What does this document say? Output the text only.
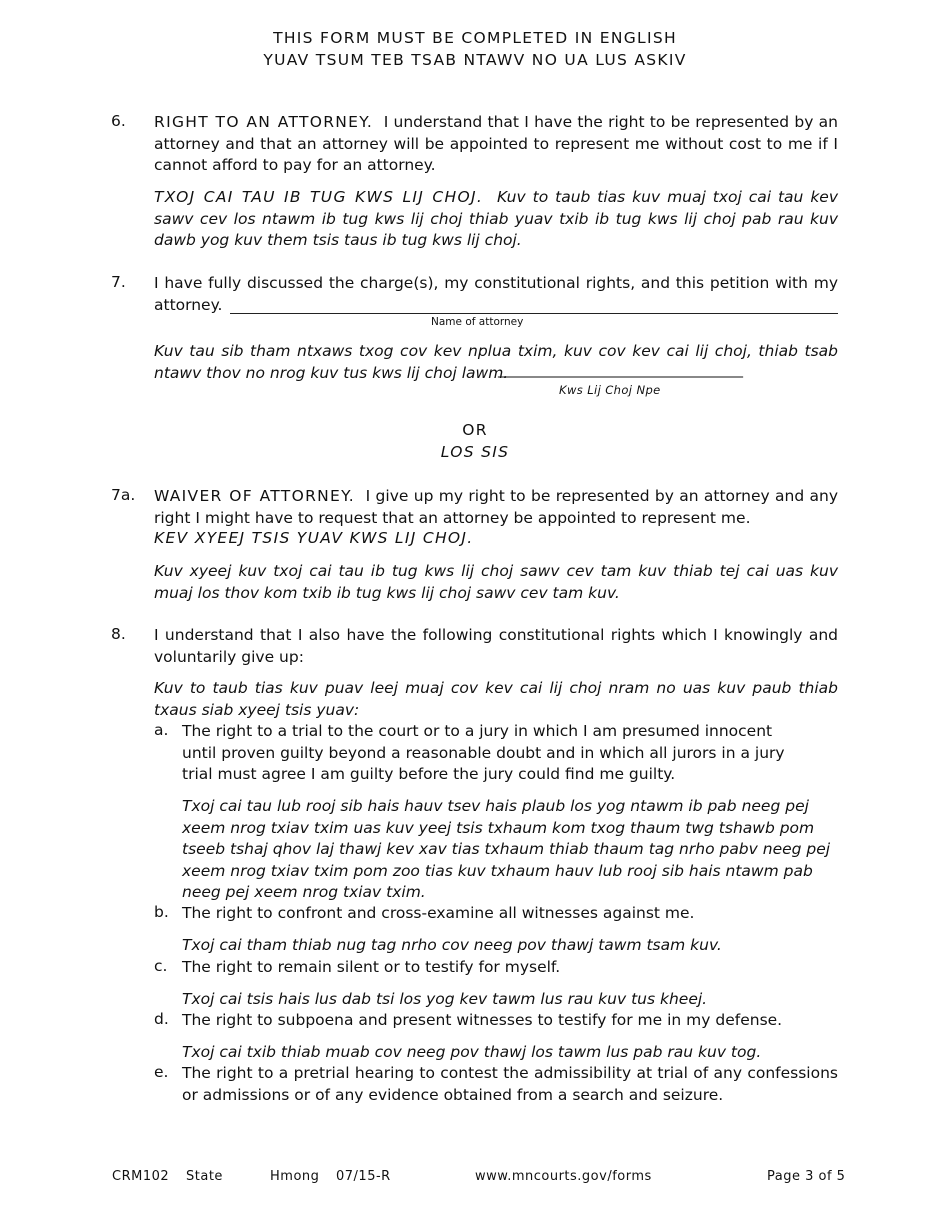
THIS FORM MUST BE COMPLETED IN ENGLISH
YUAV TSUM TEB TSAB NTAWV NO UA LUS ASKIV
6. RIGHT TO AN ATTORNEY. I understand that I have the right to be represented by an attorney and that an attorney will be appointed to represent me without cost to me if I cannot afford to pay for an attorney.
TXOJ CAI TAU IB TUG KWS LIJ CHOJ. Kuv to taub tias kuv muaj txoj cai tau kev sawv cev los ntawm ib tug kws lij choj thiab yuav txib ib tug kws lij choj pab rau kuv dawb yog kuv them tsis taus ib tug kws lij choj.
7. I have fully discussed the charge(s), my constitutional rights, and this petition with my attorney.
Name of attorney
Kuv tau sib tham ntxaws txog cov kev nplua txim, kuv cov kev cai lij choj, thiab tsab ntawv thov no nrog kuv tus kws lij choj lawm.
___________________________________
Kws Lij Choj Npe
OR
LOS SIS
7a. WAIVER OF ATTORNEY. I give up my right to be represented by an attorney and any right I might have to request that an attorney be appointed to represent me.
KEV XYEEJ TSIS YUAV KWS LIJ CHOJ.
Kuv xyeej kuv txoj cai tau ib tug kws lij choj sawv cev tam kuv thiab tej cai uas kuv muaj los thov kom txib ib tug kws lij choj sawv cev tam kuv.
8. I understand that I also have the following constitutional rights which I knowingly and voluntarily give up:
Kuv to taub tias kuv puav leej muaj cov kev cai lij choj nram no uas kuv paub thiab txaus siab xyeej tsis yuav:
a. The right to a trial to the court or to a jury in which I am presumed innocent until proven guilty beyond a reasonable doubt and in which all jurors in a jury trial must agree I am guilty before the jury could find me guilty.
Txoj cai tau lub rooj sib hais hauv tsev hais plaub los yog ntawm ib pab neeg pej xeem nrog txiav txim uas kuv yeej tsis txhaum kom txog thaum twg tshawb pom tseeb tshaj qhov laj thawj kev xav tias txhaum thiab thaum tag nrho pabv neeg pej xeem nrog txiav txim pom zoo tias kuv txhaum hauv lub rooj sib hais ntawm pab neeg pej xeem nrog txiav txim.
b. The right to confront and cross-examine all witnesses against me.
Txoj cai tham thiab nug tag nrho cov neeg pov thawj tawm tsam kuv.
c. The right to remain silent or to testify for myself.
Txoj cai tsis hais lus dab tsi los yog kev tawm lus rau kuv tus kheej.
d. The right to subpoena and present witnesses to testify for me in my defense.
Txoj cai txib thiab muab cov neeg pov thawj los tawm lus pab rau kuv tog.
e. The right to a pretrial hearing to contest the admissibility at trial of any confessions or admissions or of any evidence obtained from a search and seizure.
CRM102 State	Hmong 07/15-R	www.mncourts.gov/forms	Page 3 of 5
